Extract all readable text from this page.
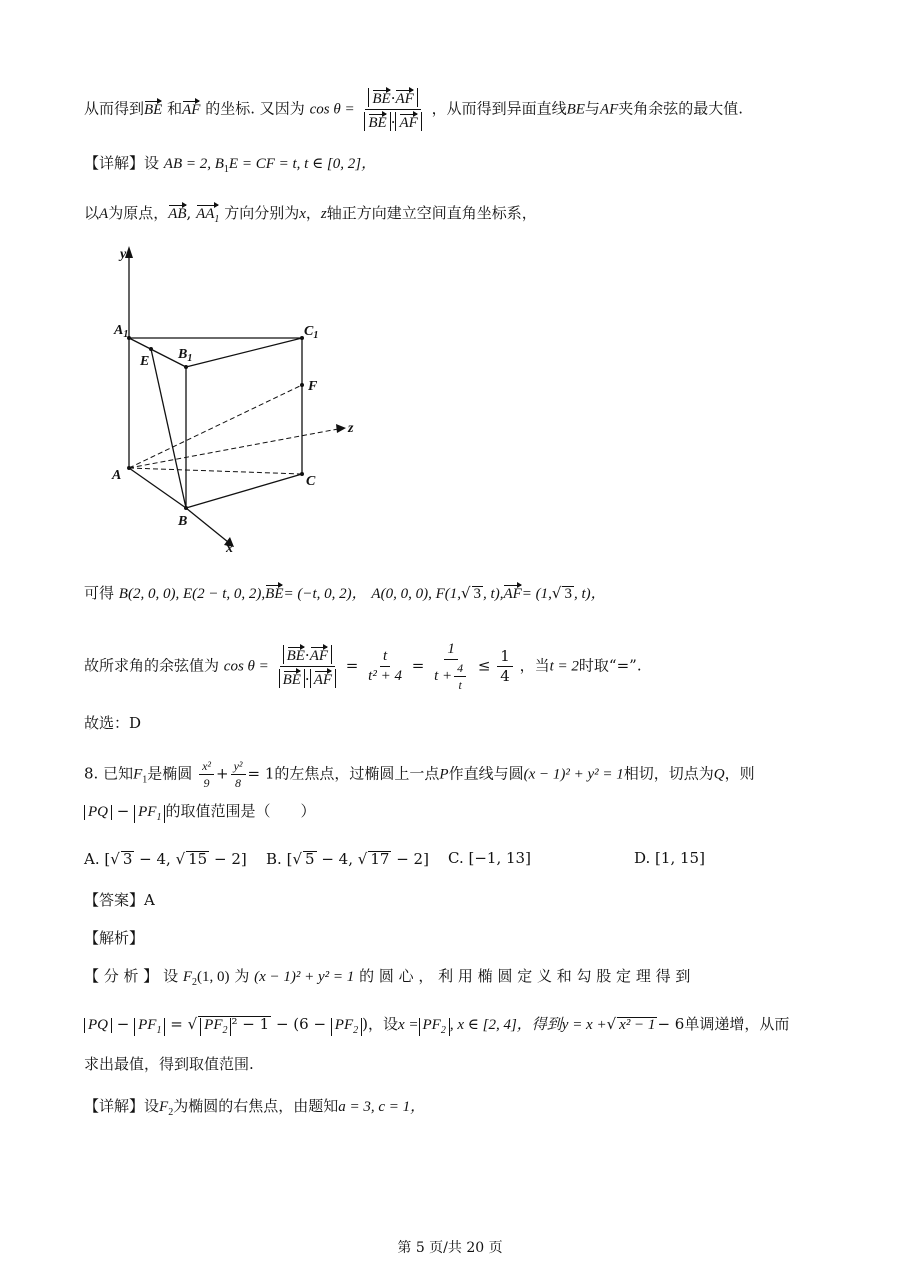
从而得到BE 和AF 的坐标. 又因为 $\cos \theta = \frac{BE\cdot AF}{BE \cdot AF}$ ，从而得到异面直线BE与AF夹角余弦的最大值.
【详解】设 AB = 2, $B_1E$ = CF = t, t ∈ [0, 2]，
以A为原点，AB, $AA_1$ 方向分别为x，z轴正方向建立空间直角坐标系，
y
$A_1$
E $B_1$
$C_1$
F
z
A	C
B
x
可得 B(2, 0, 0), E(2 − t, 0, 2),BE= (−t, 0, 2)， A(0, 0, 0), F(1,√ 3 , t),AF= (1,√ 3 , t)，
故所求角的余弦值为 $\cos \theta = \frac{BE\cdot AF}{BE \cdot AF} = \frac{t}{\text{t² + 4}} = \frac{1}{t + \frac{4}{t}} \le \frac{1}{4}$ ，当t = 2时取“=”.
故选：D
8. 已知$F_1$是椭圆 $\frac{\text{x²}}{9} + \frac{\text{y²}}{8} = 1$的左焦点，过椭圆上一点P作直线与圆(x − 1)² + y² = 1相切，切点为Q，则
PQ − $PF_1$ 的取值范围是（　　）
A. [√ 3 − 4, √ 15 − 2] B. [√ 5 − 4, √ 17 − 2] C. [−1, 13]	D. [1, 15]
【答案】A
【解析】
【 分 析 】 设 $F_2(1$, 0) 为 (x − 1)² + y² = 1 的 圆 心 ， 利 用 椭 圆 定 义 和 勾 股 定 理 得 到
PQ − $PF_1$ = √ $PF_2$ $^2 - 1 - (6 - PF_2$ )，设$x = PF_2$ , x ∈ [2, 4]，得到y = x +√ x² − 1 − 6单调递增，从而
求出最值，得到取值范围.
【详解】设$F_2$为椭圆的右焦点，由题知a = 3, c = 1，
第 5 页/共 20 页
